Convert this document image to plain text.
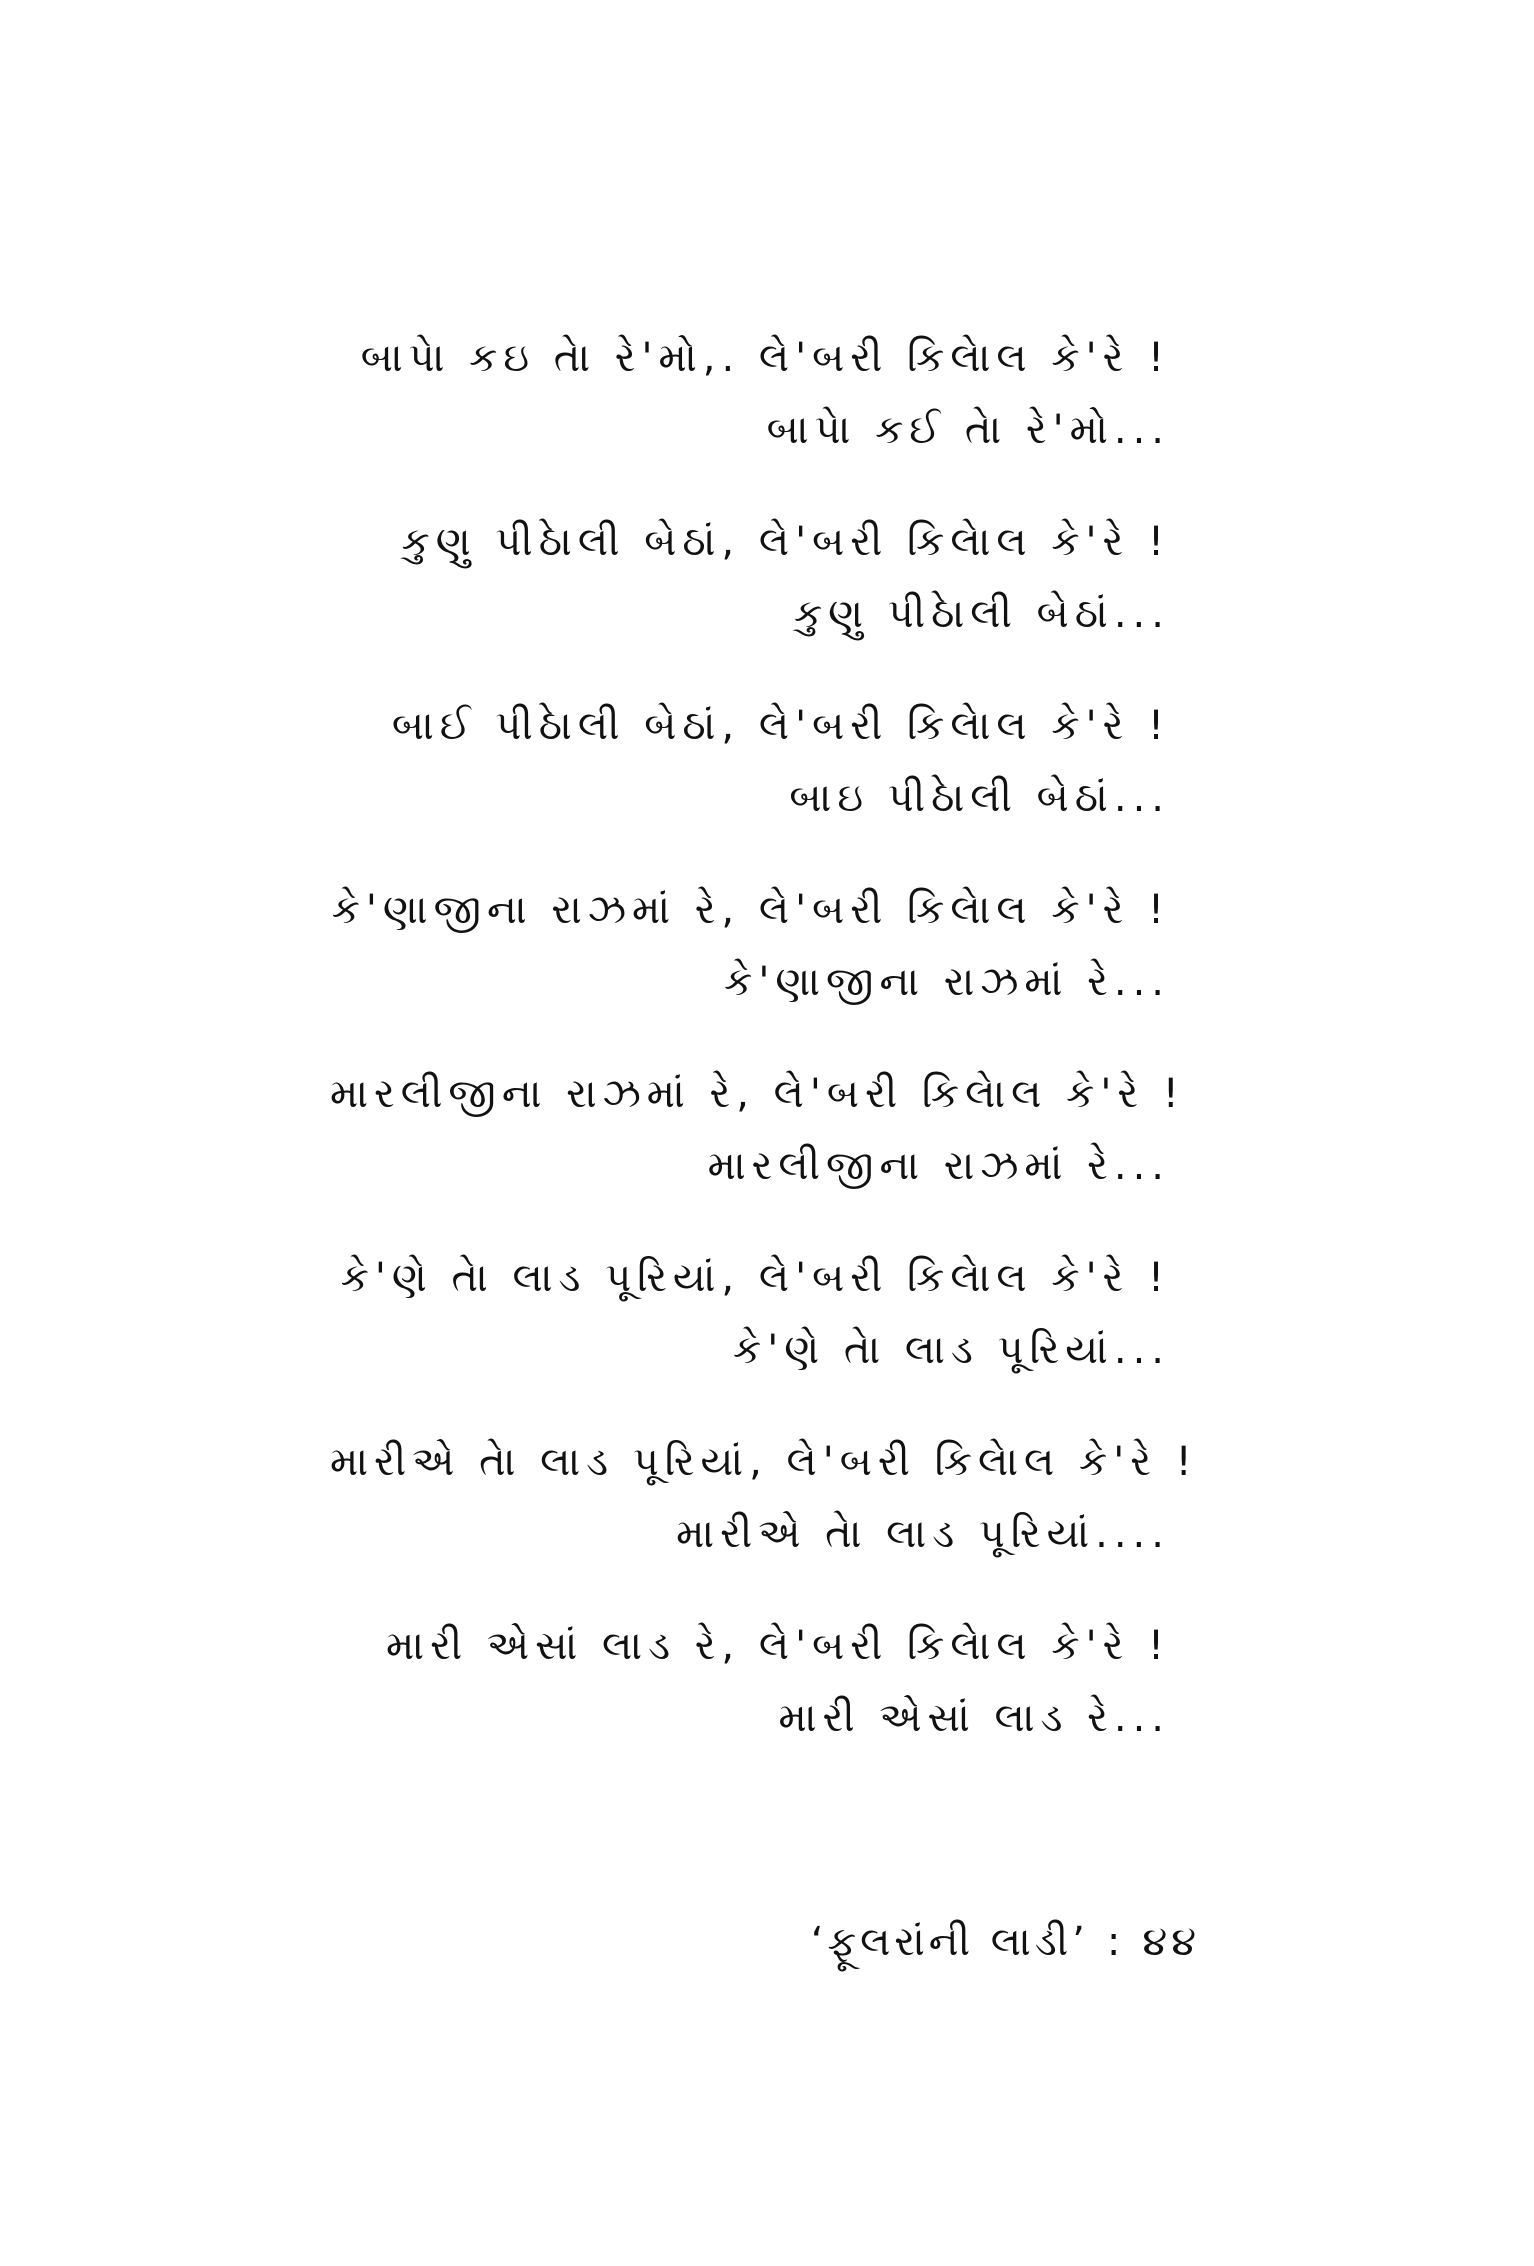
બાપેા કઇ તેા રે'મો,. લે'બરી કિલેાલ કે'રે !
બાપેા કઈ તેા રે'મો...
કુણુ પીઠેાલી બેઠાં, લે'બરી કિલેાલ કે'રે !
કુણુ પીઠેાલી બેઠાં...
બાઈ પીઠેાલી બેઠાં, લે'બરી કિલેાલ કે'રે !
બાઇ પીઠેાલી બેઠાં...
કે'ણાજીના રાઝમાં રે, લે'બરી કિલેાલ કે'રે !
કે'ણાજીના રાઝમાં રે...
મારલીજીના રાઝમાં રે, લે'બરી કિલેાલ કે'રે !
મારલીજીના રાઝમાં રે...
કે'ણે તેા લાડ પૂરિયાં, લે'બરી કિલેાલ કે'રે !
કે'ણે તેા લાડ પૂરિયાં...
મારીએ તેા લાડ પૂરિયાં, લે'બરી કિલેાલ કે'રે !
મારીએ તેા લાડ પૂરિયાં....
મારી એસાં લાડ રે, લે'બરી કિલેાલ કે'રે !
મારી એસાં લાડ રે...
‘ફૂલરાંની લાડી’ : ૪૪
